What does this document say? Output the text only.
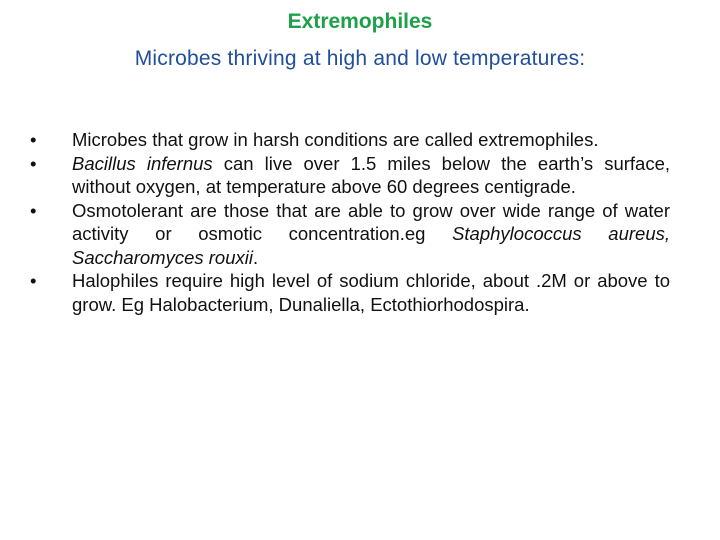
Extremophiles
Microbes thriving at high and low temperatures:
•	Microbes that grow in harsh conditions are called extremophiles.
•	Bacillus infernus can live over 1.5 miles below the earth’s surface, without oxygen, at temperature above 60 degrees centigrade.
•	Osmotolerant are those that are able to grow over wide range of water activity or osmotic concentration.eg Staphylococcus aureus, Saccharomyces rouxii.
•	Halophiles require high level of sodium chloride, about .2M or above to grow. Eg Halobacterium, Dunaliella, Ectothiorhodospira.
